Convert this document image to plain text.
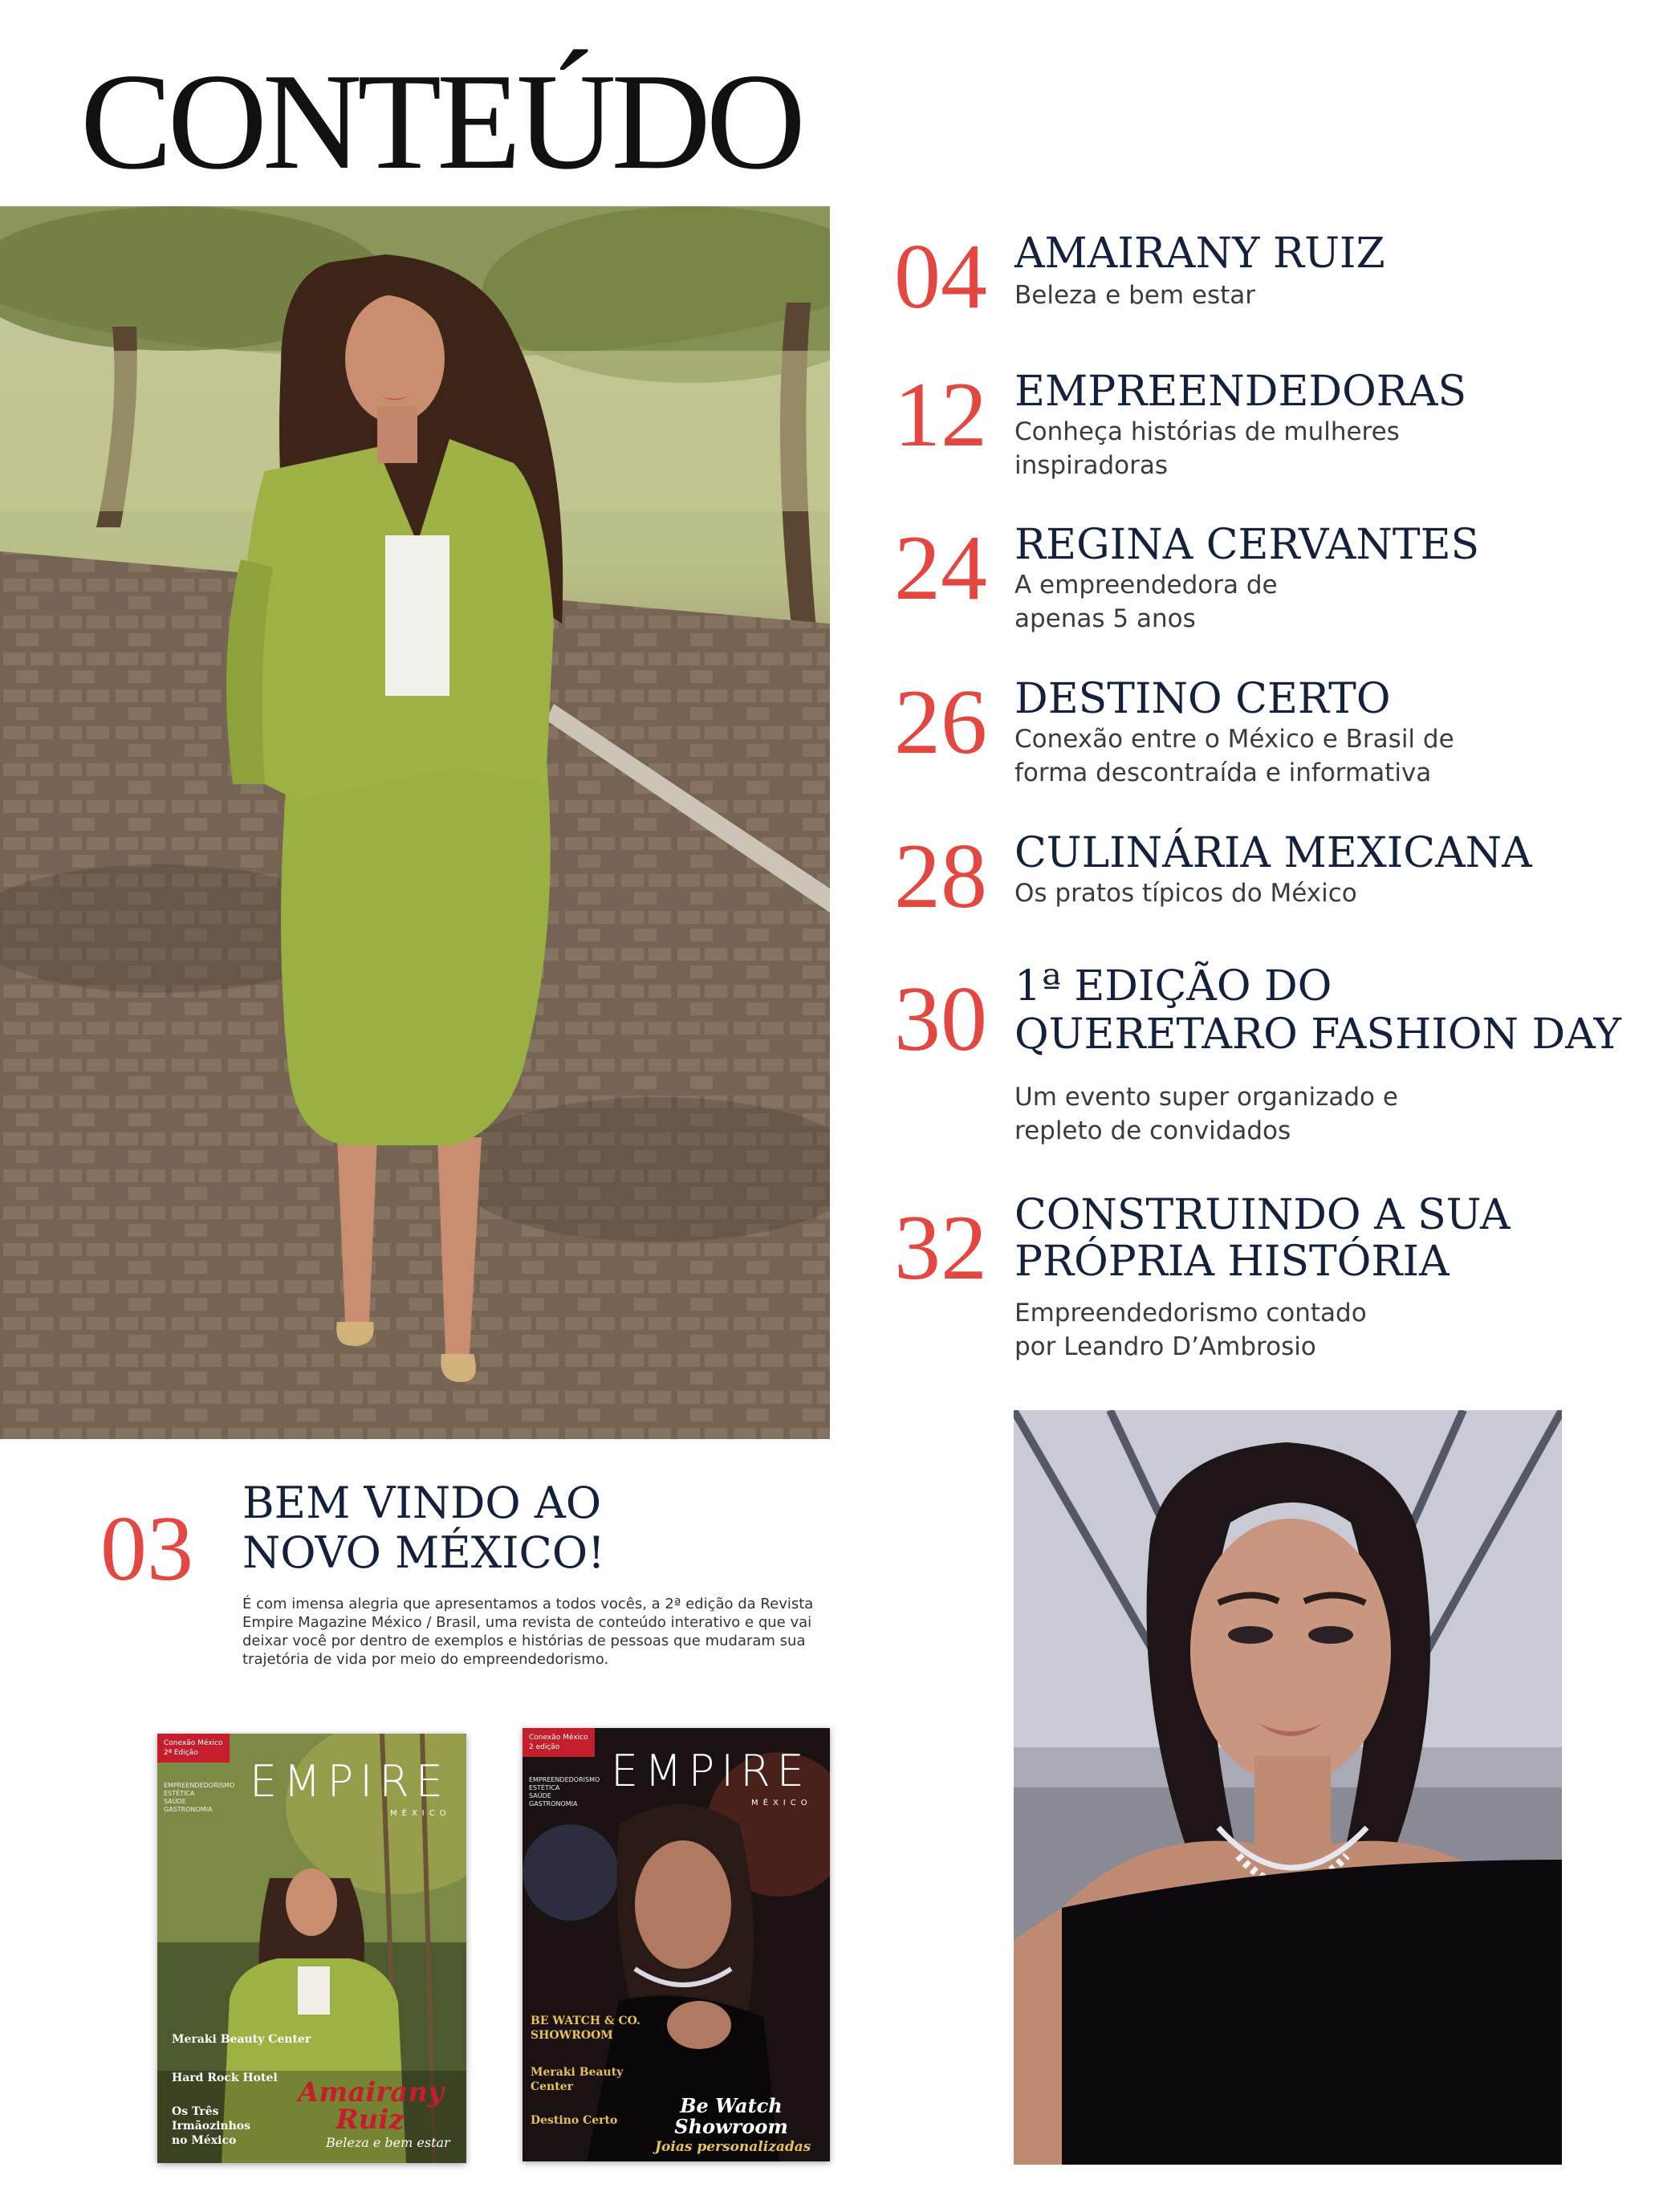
CONTEÚDO
04 AMAIRANY RUIZ
Beleza e bem estar
12 EMPREENDEDORAS
Conheça histórias de mulheres
inspiradoras
24 REGINA CERVANTES
A empreendedora de
apenas 5 anos
26 DESTINO CERTO
Conexão entre o México e Brasil de
forma descontraída e informativa
28 CULINÁRIA MEXICANA
Os pratos típicos do México
30 1ª EDIÇÃO DO
QUERETARO FASHION DAY
Um evento super organizado e
repleto de convidados
32 CONSTRUINDO A SUA
PRÓPRIA HISTÓRIA
Empreendedorismo contado
por Leandro D’Ambrosio
03 BEM VINDO AO
NOVO MÉXICO!
É com imensa alegria que apresentamos a todos vocês, a 2ª edição da Revista Empire Magazine México / Brasil, uma revista de conteúdo interativo e que vai deixar você por dentro de exemplos e histórias de pessoas que mudaram sua trajetória de vida por meio do empreendedorismo.
Conexão México
2ª Edição
EMPIRE
MÉXICO
EMPREENDEDORISMO
ESTÉTICA
SAÚDE
GASTRONOMIA
Meraki Beauty Center
Hard Rock Hotel
Os Três Irmãozinhos no México
Amairany Ruiz
Beleza e bem estar
Conexão México
2 edição	EMPIRE
MÉXICO
EMPREENDEDORISMO
ESTÉTICA
SAÚDE
GASTRONOMIA
BE WATCH & CO. SHOWROOM
Meraki Beauty Center
Destino Certo
Be Watch Showroom
Joias personalizadas
